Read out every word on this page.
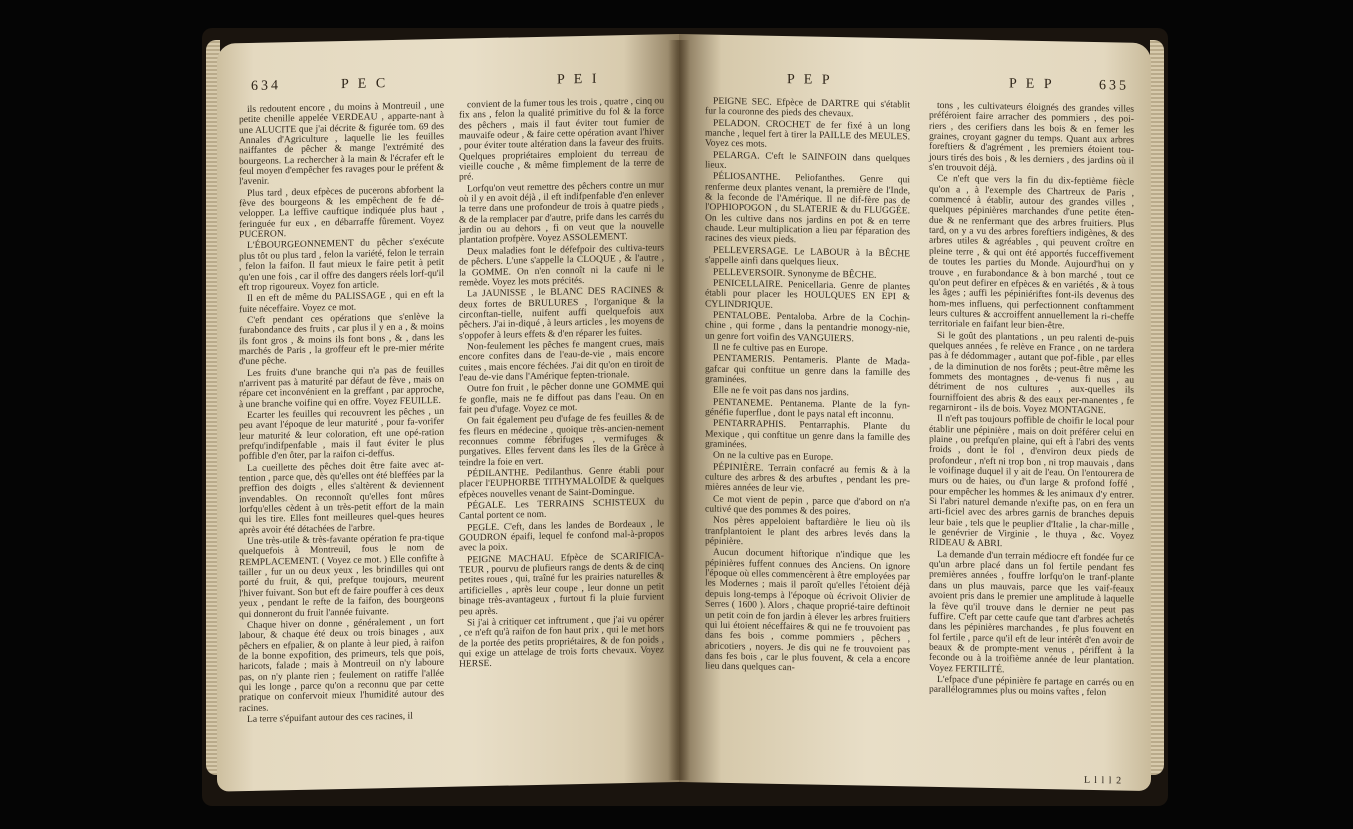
634	P E C	P E I

ils redoutent encore , du moins à Montreuil , une petite chenille appelée VERDEAU , apparte-nant à une ALUCITE que j'ai décrite & figurée tom. 69 des Annales d'Agriculture , laquelle lie les feuilles naiffantes de pêcher & mange l'extrémité des bourgeons. La rechercher à la main & l'écrafer eft le feul moyen d'empêcher fes ravages pour le préfent & l'avenir.

Plus tard , deux efpèces de pucerons abforbent la fève des bourgeons & les empêchent de fe dé-velopper. La leffive cauftique indiquée plus haut , feringuée fur eux , en débarraffe fûrement. Voyez PUCERON.

L'ÉBOURGEONNEMENT du pêcher s'exécute plus tôt ou plus tard , felon la variété, felon le terrain , felon la faifon. Il faut mieux le faire petit à petit qu'en une fois , car il offre des dangers réels lorf-qu'il eft trop rigoureux. Voyez fon article.

Il en eft de même du PALISSAGE , qui en eft la fuite néceffaire. Voyez ce mot.

C'eft pendant ces opérations que s'enlève la furabondance des fruits , car plus il y en a , & moins ils font gros , & moins ils font bons , & , dans les marchés de Paris , la groffeur eft le pre-mier mérite d'une pêche.

Les fruits d'une branche qui n'a pas de feuilles n'arrivent pas à maturité par défaut de fève , mais on répare cet inconvénient en la greffant , par approche, à une branche voifine qui en offre. Voyez FEUILLE.

Ecarter les feuilles qui recouvrent les pêches , un peu avant l'époque de leur maturité , pour fa-vorifer leur maturité & leur coloration, eft une opé-ration prefqu'indifpenfable , mais il faut éviter le plus poffible d'en ôter, par la raifon ci-deffus.

La cueillette des pêches doit être faite avec at-tention , parce que, dès qu'elles ont été bleffées par la preffion des doigts , elles s'altèrent & deviennent invendables. On reconnoît qu'elles font mûres lorfqu'elles cèdent à un très-petit effort de la main qui les tire. Elles font meilleures quel-ques heures après avoir été détachées de l'arbre.

Une très-utile & très-favante opération fe pra-tique quelquefois à Montreuil, fous le nom de REMPLACEMENT. ( Voyez ce mot. ) Elle confifte à tailler , fur un ou deux yeux , les brindilles qui ont porté du fruit, & qui, prefque toujours, meurent l'hiver fuivant. Son but eft de faire pouffer à ces deux yeux , pendant le refte de la faifon, des bourgeons qui donneront du fruit l'année fuivante.

Chaque hiver on donne , généralement , un fort labour, & chaque été deux ou trois binages , aux pêchers en efpalier, & on plante à leur pied, à raifon de la bonne expofition, des primeurs, tels que pois, haricots, falade ; mais à Montreuil on n'y laboure pas, on n'y plante rien ; feulement on ratiffe l'allée qui les longe , parce qu'on a reconnu que par cette pratique on confervoit mieux l'humidité autour des racines.

La terre s'épuifant autour des ces racines, il

convient de la fumer tous les trois , quatre , cinq ou fix ans , felon la qualité primitive du fol & la force des pêchers , mais il faut éviter tout fumier de mauvaife odeur , & faire cette opération avant l'hiver , pour éviter toute altération dans la faveur des fruits. Quelques propriétaires emploient du terreau de vieille couche , & même fimplement de la terre de pré.

Lorfqu'on veut remettre des pêchers contre un mur où il y en avoit déjà , il eft indifpenfable d'en enlever la terre dans une profondeur de trois à quatre pieds , & de la remplacer par d'autre, prife dans les carrés du jardin ou au dehors , fi on veut que la nouvelle plantation profpère. Voyez ASSOLEMENT.

Deux maladies font le défefpoir des cultiva-teurs de pêchers. L'une s'appelle la CLOQUE , & l'autre , la GOMME. On n'en connoît ni la caufe ni le remède. Voyez les mots précités.

La JAUNISSE , le BLANC DES RACINES & deux fortes de BRULURES , l'organique & la circonftan-tielle, nuifent auffi quelquefois aux pêchers. J'ai in-diqué , à leurs articles , les moyens de s'oppofer à leurs effets & d'en réparer les fuites.

Non-feulement les pêches fe mangent crues, mais encore confites dans de l'eau-de-vie , mais encore cuites , mais encore féchées. J'ai dit qu'on en tiroit de l'eau de-vie dans l'Amérique fepten-trionale.

Outre fon fruit , le pêcher donne une GOMME qui fe gonfle, mais ne fe diffout pas dans l'eau. On en fait peu d'ufage. Voyez ce mot.

On fait également peu d'ufage de fes feuilles & de fes fleurs en médecine , quoique très-ancien-nement reconnues comme fébrifuges , vermifuges & purgatives. Elles fervent dans les îles de la Grèce à teindre la foie en vert.

PÉDILANTHE. Pedilanthus. Genre établi pour placer l'EUPHORBE TITHYMALOÏDE & quelques efpèces nouvelles venant de Saint-Domingue.

PÉGALE. Les TERRAINS SCHISTEUX du Cantal portent ce nom.

PEGLE. C'eft, dans les landes de Bordeaux , le GOUDRON épaifi, lequel fe confond mal-à-propos avec la poix.

PEIGNE MACHAU. Efpèce de SCARIFICA-TEUR , pourvu de plufieurs rangs de dents & de cinq petites roues , qui, traîné fur les prairies naturelles & artificielles , après leur coupe , leur donne un petit binage très-avantageux , furtout fi la pluie furvient peu après.

Si j'ai à critiquer cet inftrument , que j'ai vu opérer , ce n'eft qu'à raifon de fon haut prix , qui le met hors de la portée des petits propriétaires, & de fon poids , qui exige un attelage de trois forts chevaux. Voyez HERSE.

P E P	P E P	635

PEIGNE SEC. Efpèce de DARTRE qui s'établit fur la couronne des pieds des chevaux.

PELADON. CROCHET de fer fixé à un long manche , lequel fert à tirer la PAILLE des MEULES. Voyez ces mots.

PELARGA. C'eft le SAINFOIN dans quelques lieux.

PÉLIOSANTHE. Peliofanthes. Genre qui renferme deux plantes venant, la première de l'Inde, & la feconde de l'Amérique. Il ne dif-fère pas de l'OPHIOPOGON , du SLATERIE & du FLUGGÉE. On les cultive dans nos jardins en pot & en terre chaude. Leur multiplication a lieu par féparation des racines des vieux pieds.

PELLEVERSAGE. Le LABOUR à la BÊCHE s'appelle ainfi dans quelques lieux.

PELLEVERSOIR. Synonyme de BÊCHE.

PENICELLAIRE. Penicellaria. Genre de plantes établi pour placer les HOULQUES EN EPI & CYLINDRIQUE.

PENTALOBE. Pentaloba. Arbre de la Cochin-chine , qui forme , dans la pentandrie monogy-nie, un genre fort voifin des VANGUIERS.

Il ne fe cultive pas en Europe.

PENTAMERIS. Pentameris. Plante de Mada-gafcar qui conftitue un genre dans la famille des graminées.

Elle ne fe voit pas dans nos jardins.

PENTANEME. Pentanema. Plante de la fyn-généfie fuperflue , dont le pays natal eft inconnu.

PENTARRAPHIS. Pentarraphis. Plante du Mexique , qui conftitue un genre dans la famille des graminées.

On ne la cultive pas en Europe.

PÉPINIÈRE. Terrain confacré au femis & à la culture des arbres & des arbuftes , pendant les pre-mières années de leur vie.

Ce mot vient de pepin , parce que d'abord on n'a cultivé que des pommes & des poires.

Nos pères appeloient baftardière le lieu où ils tranfplantoient le plant des arbres levés dans la pépinière.

Aucun document hiftorique n'indique que les pépinières fuffent connues des Anciens. On ignore l'époque où elles commencèrent à être employées par les Modernes ; mais il paroît qu'elles l'étoient déjà depuis long-temps à l'époque où écrivoit Olivier de Serres ( 1600 ). Alors , chaque proprié-taire deftinoit un petit coin de fon jardin à élever les arbres fruitiers qui lui étoient néceffaires & qui ne fe trouvoient pas dans fes bois , comme pommiers , pêchers , abricotiers , noyers. Je dis qui ne fe trouvoient pas dans fes bois , car le plus fouvent, & cela a encore lieu dans quelques can-

tons , les cultivateurs éloignés des grandes villes préféroient faire arracher des pommiers , des poi-riers , des cerifiers dans les bois & en femer les graines, croyant gagner du temps. Quant aux arbres foreftiers & d'agrément , les premiers étoient tou-jours tirés des bois , & les derniers , des jardins où il s'en trouvoit déjà.

Ce n'eft que vers la fin du dix-feptième fiècle qu'on a , à l'exemple des Chartreux de Paris , commencé à établir, autour des grandes villes , quelques pépinières marchandes d'une petite éten-due & ne renfermant que des arbres fruitiers. Plus tard, on y a vu des arbres foreftiers indigènes, & des arbres utiles & agréables , qui peuvent croître en pleine terre , & qui ont été apportés fucceffivement de toutes les parties du Monde. Aujourd'hui on y trouve , en furabondance & à bon marché , tout ce qu'on peut defirer en efpèces & en variétés , & à tous les âges ; auffi les pépiniériftes font-ils devenus des hom-mes influens, qui perfectionnent conftamment leurs cultures & accroiffent annuellement la ri-cheffe territoriale en faifant leur bien-être.

Si le goût des plantations , un peu ralenti de-puis quelques années , fe relève en France , on ne tardera pas à fe dédommager , autant que pof-fible , par elles , de la diminution de nos forêts ; peut-être même les fommets des montagnes , de-venus fi nus , au détriment de nos cultures , aux-quelles ils fourniffoient des abris & des eaux per-manentes , fe regarniront - ils de bois. Voyez MONTAGNE.

Il n'eft pas toujours poffible de choifir le local pour établir une pépinière , mais on doit préférer celui en plaine , ou prefqu'en plaine, qui eft à l'abri des vents froids , dont le fol , d'environ deux pieds de profondeur , n'eft ni trop bon , ni trop mauvais , dans le voifinage duquel il y ait de l'eau. On l'entourera de murs ou de haies, ou d'un large & profond foffé , pour empêcher les hommes & les animaux d'y entrer. Si l'abri naturel demande n'exifte pas, on en fera un arti-ficiel avec des arbres garnis de branches depuis leur baie , tels que le peuplier d'Italie , la char-mille , le genévrier de Virginie , le thuya , &c. Voyez RIDEAU & ABRI.

La demande d'un terrain médiocre eft fondée fur ce qu'un arbre placé dans un fol fertile pendant fes premières années , fouffre lorfqu'on le tranf-plante dans un plus mauvais, parce que les vaif-feaux avoient pris dans le premier une amplitude à laquelle la fève qu'il trouve dans le dernier ne peut pas fuffire. C'eft par cette caufe que tant d'arbres achetés dans les pépinières marchandes , fe plus fouvent en fol fertile , parce qu'il eft de leur intérêt d'en avoir de beaux & de prompte-ment venus , périffent à la feconde ou à la troifième année de leur plantation. Voyez FERTILITÉ.

L'efpace d'une pépinière fe partage en carrés ou en parallélogrammes plus ou moins vaftes , felon

L l l l 2
